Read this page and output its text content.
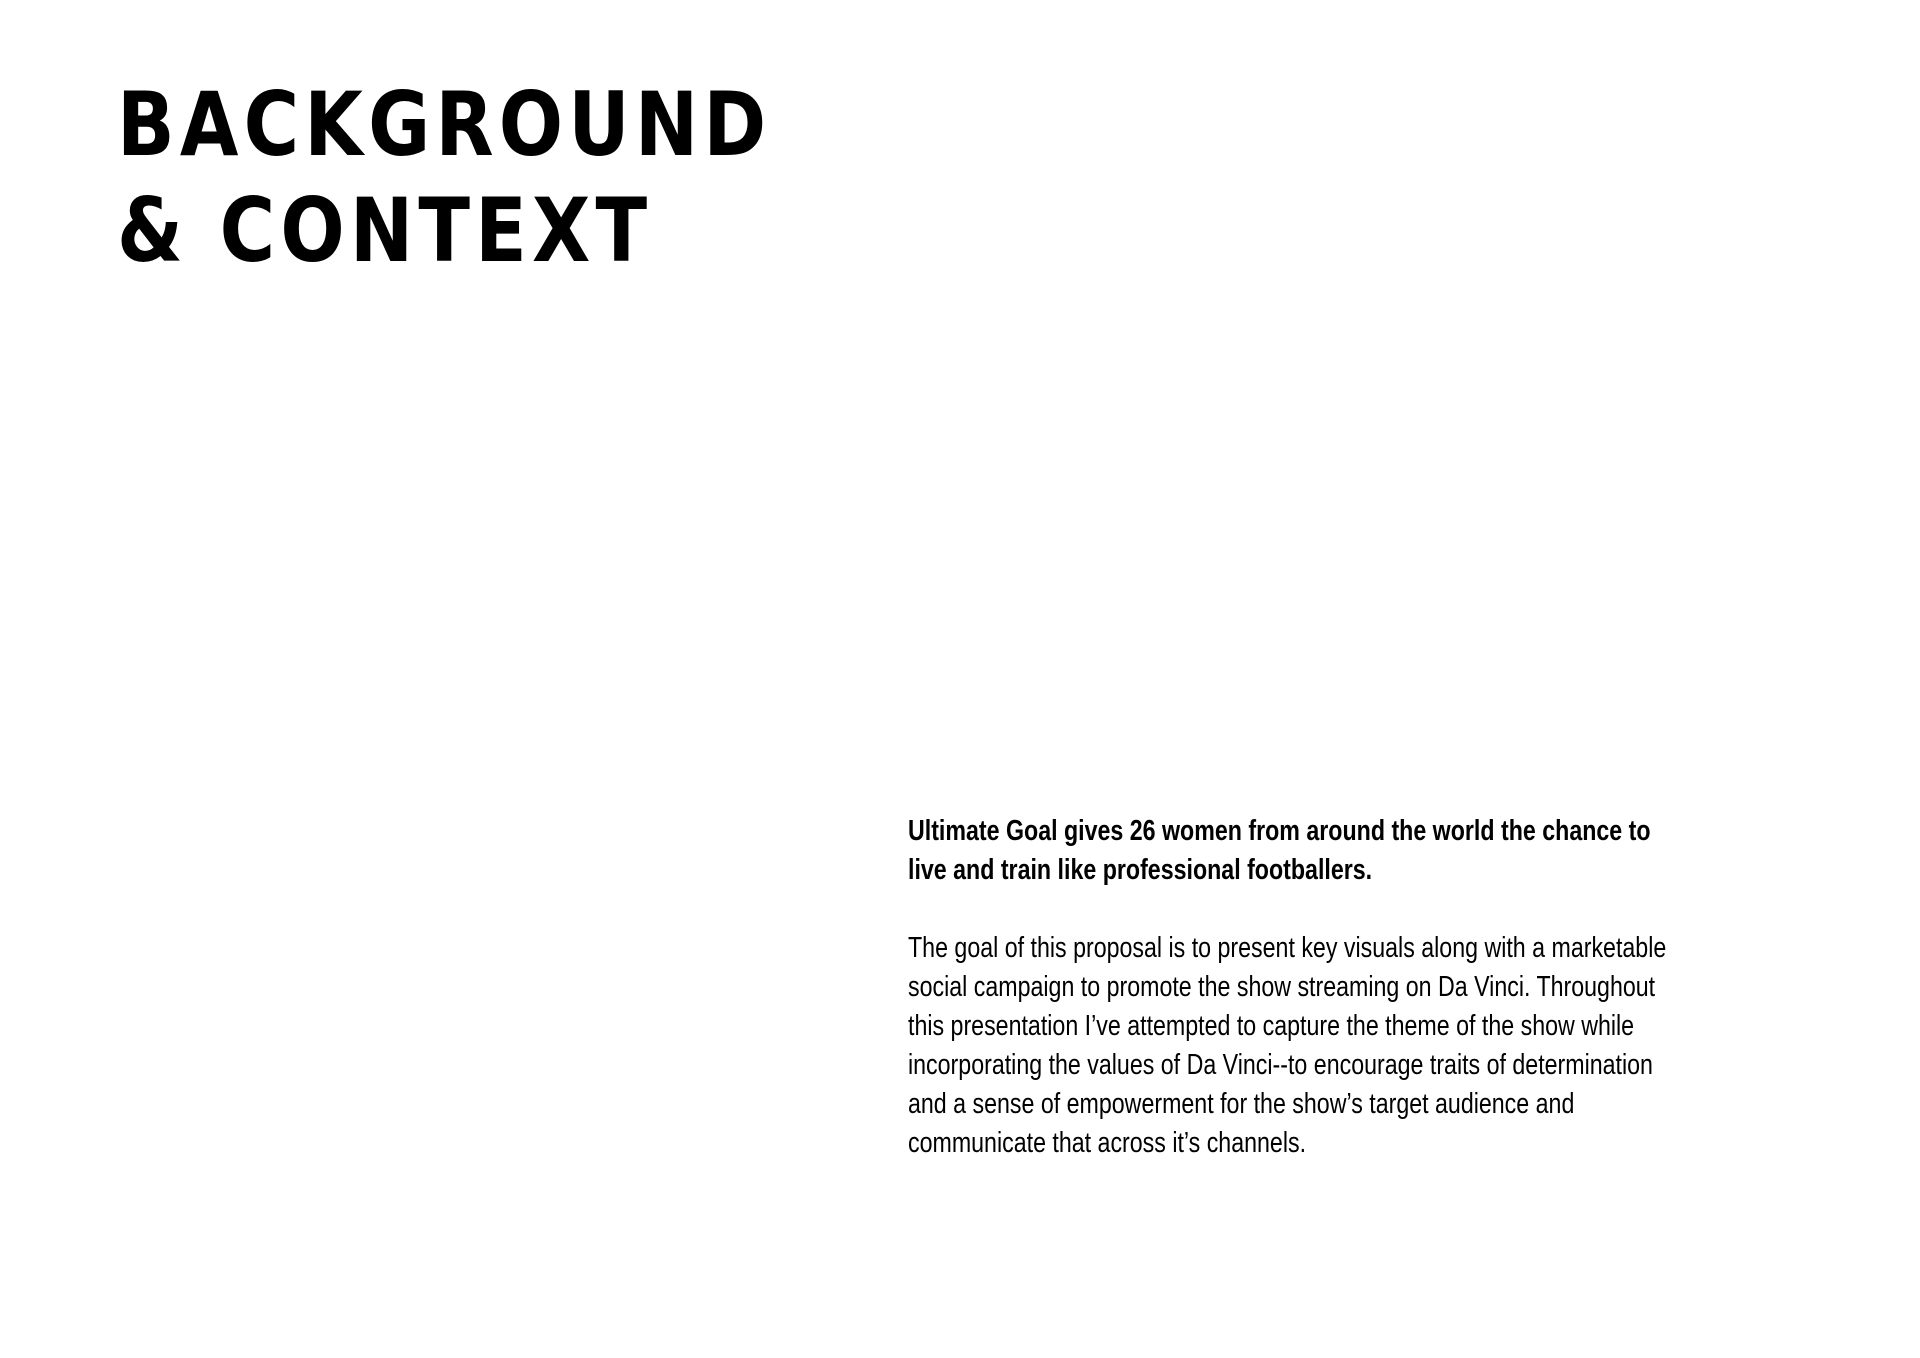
BACKGROUND
& CONTEXT

Ultimate Goal gives 26 women from around the world the chance to
live and train like professional footballers.

The goal of this proposal is to present key visuals along with a marketable
social campaign to promote the show streaming on Da Vinci. Throughout
this presentation I’ve attempted to capture the theme of the show while
incorporating the values of Da Vinci--to encourage traits of determination
and a sense of empowerment for the show’s target audience and
communicate that across it’s channels.
